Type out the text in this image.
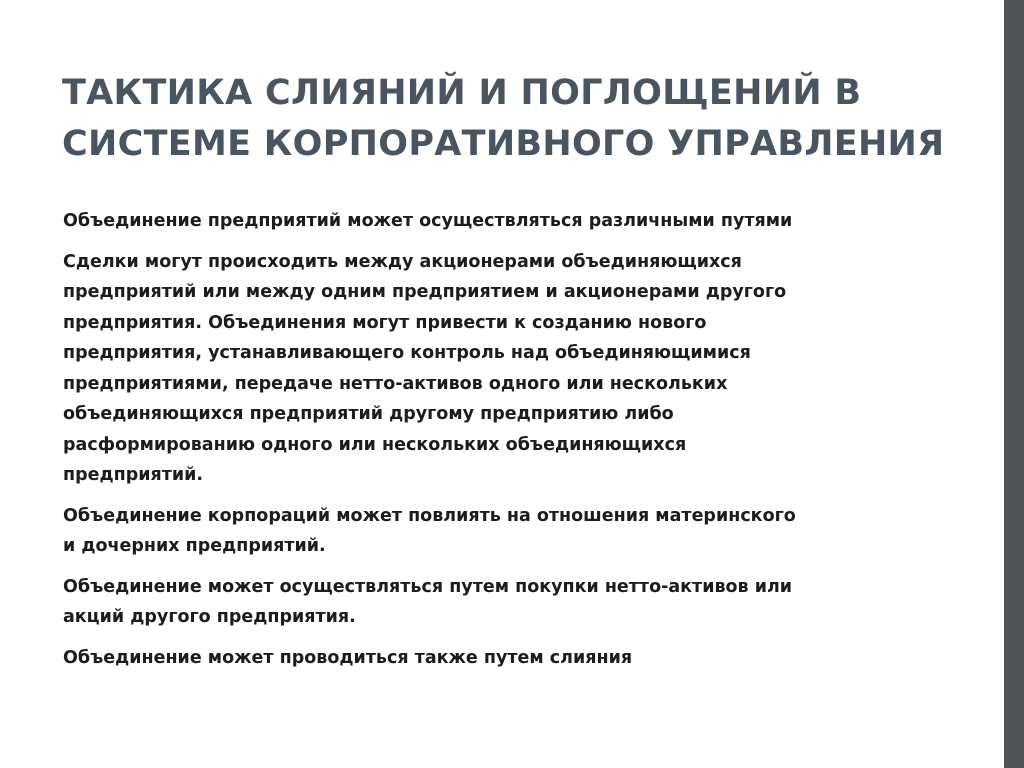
ТАКТИКА СЛИЯНИЙ И ПОГЛОЩЕНИЙ В
СИСТЕМЕ КОРПОРАТИВНОГО УПРАВЛЕНИЯ

Объединение предприятий может осуществляться различными путями

Сделки могут происходить между акционерами объединяющихся
предприятий или между одним предприятием и акционерами другого
предприятия. Объединения могут привести к созданию нового
предприятия, устанавливающего контроль над объединяющимися
предприятиями, передаче нетто-активов одного или нескольких
объединяющихся предприятий другому предприятию либо
расформированию одного или нескольких объединяющихся
предприятий.

Объединение корпораций может повлиять на отношения материнского
и дочерних предприятий.

Объединение может осуществляться путем покупки нетто-активов или
акций другого предприятия.

Объединение может проводиться также путем слияния
